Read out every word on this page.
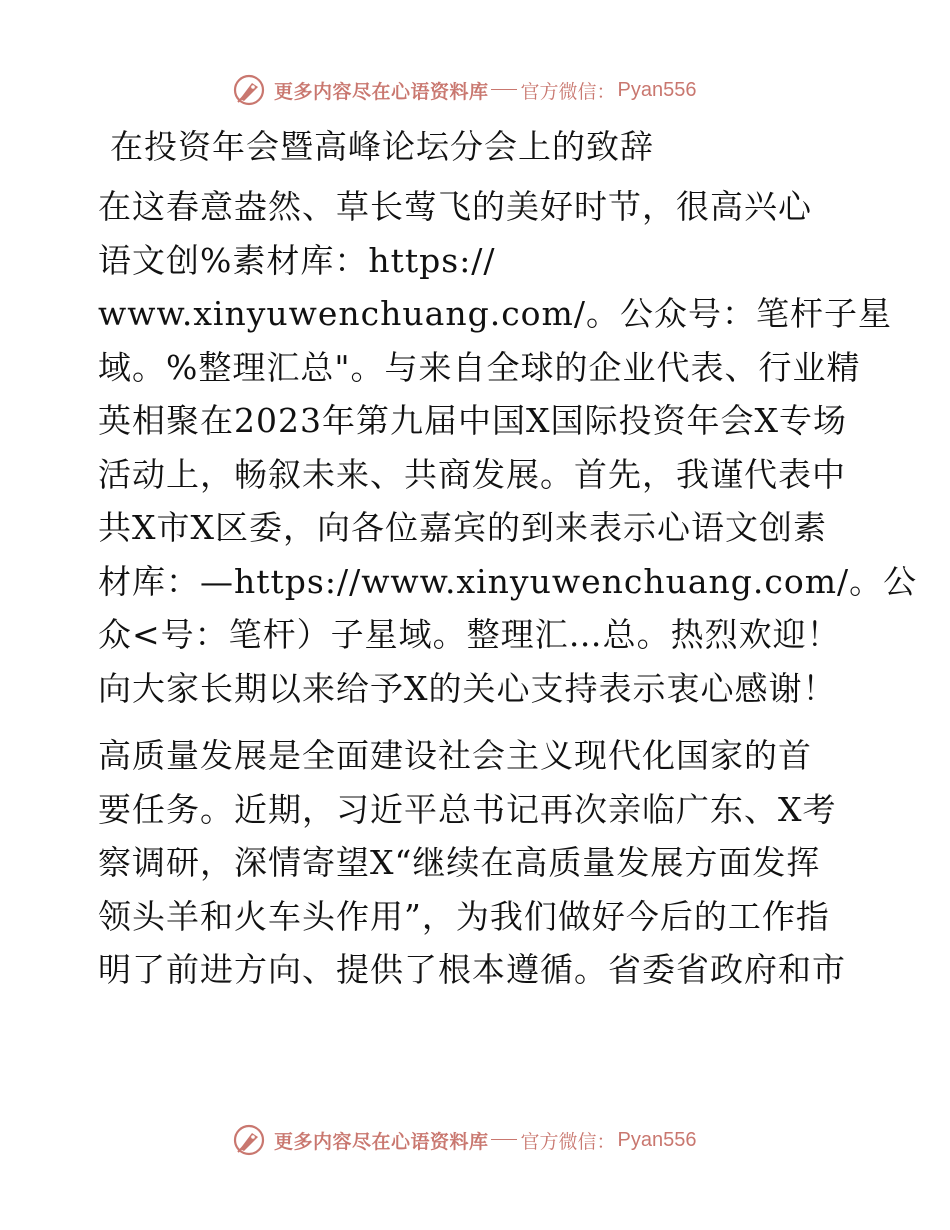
更多内容尽在心语资料库 官方微信： Pyan556
在投资年会暨高峰论坛分会上的致辞

在这春意盎然、草长莺飞的美好时节，很高兴心
语文创%素材库：https://
www.xinyuwenchuang.com/。公众号：笔杆子星
域。%整理汇总"。与来自全球的企业代表、行业精
英相聚在2023年第九届中国X国际投资年会X专场
活动上，畅叙未来、共商发展。首先，我谨代表中
共X市X区委，向各位嘉宾的到来表示心语文创素
材库：—https://www.xinyuwenchuang.com/。公
众<号：笔杆）子星域。整理汇…总。热烈欢迎！
向大家长期以来给予X的关心支持表示衷心感谢！

高质量发展是全面建设社会主义现代化国家的首
要任务。近期，习近平总书记再次亲临广东、X考
察调研，深情寄望X“继续在高质量发展方面发挥
领头羊和火车头作用”，为我们做好今后的工作指
明了前进方向、提供了根本遵循。省委省政府和市

更多内容尽在心语资料库 官方微信： Pyan556
